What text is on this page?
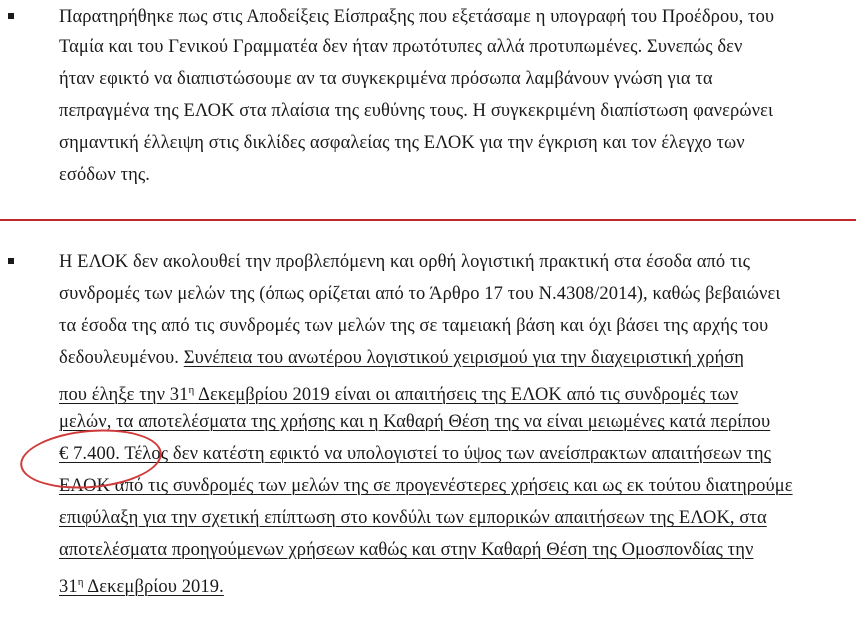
Παρατηρήθηκε πως στις Αποδείξεις Είσπραξης που εξετάσαμε η υπογραφή του Προέδρου, του
Ταμία και του Γενικού Γραμματέα δεν ήταν πρωτότυπες αλλά προτυπωμένες. Συνεπώς δεν
ήταν εφικτό να διαπιστώσουμε αν τα συγκεκριμένα πρόσωπα λαμβάνουν γνώση για τα
πεπραγμένα της ΕΛΟΚ στα πλαίσια της ευθύνης τους. Η συγκεκριμένη διαπίστωση φανερώνει
σημαντική έλλειψη στις δικλίδες ασφαλείας της ΕΛΟΚ για την έγκριση και τον έλεγχο των
εσόδων της.
Η ΕΛΟΚ δεν ακολουθεί την προβλεπόμενη και ορθή λογιστική πρακτική στα έσοδα από τις
συνδρομές των μελών της (όπως ορίζεται από το Άρθρο 17 του Ν.4308/2014), καθώς βεβαιώνει
τα έσοδα της από τις συνδρομές των μελών της σε ταμειακή βάση και όχι βάσει της αρχής του
δεδουλευμένου. Συνέπεια του ανωτέρου λογιστικού χειρισμού για την διαχειριστική χρήση
που έληξε την $31^\eta$ Δεκεμβρίου 2019 είναι οι απαιτήσεις της ΕΛΟΚ από τις συνδρομές των
μελών, τα αποτελέσματα της χρήσης και η Καθαρή Θέση της να είναι μειωμένες κατά περίπου
€ 7.400. Τέλος δεν κατέστη εφικτό να υπολογιστεί το ύψος των ανείσπρακτων απαιτήσεων της
ΕΛΟΚ από τις συνδρομές των μελών της σε προγενέστερες χρήσεις και ως εκ τούτου διατηρούμε
επιφύλαξη για την σχετική επίπτωση στο κονδύλι των εμπορικών απαιτήσεων της ΕΛΟΚ, στα
αποτελέσματα προηγούμενων χρήσεων καθώς και στην Καθαρή Θέση της Ομοσπονδίας την
$31^\eta$ Δεκεμβρίου 2019.
